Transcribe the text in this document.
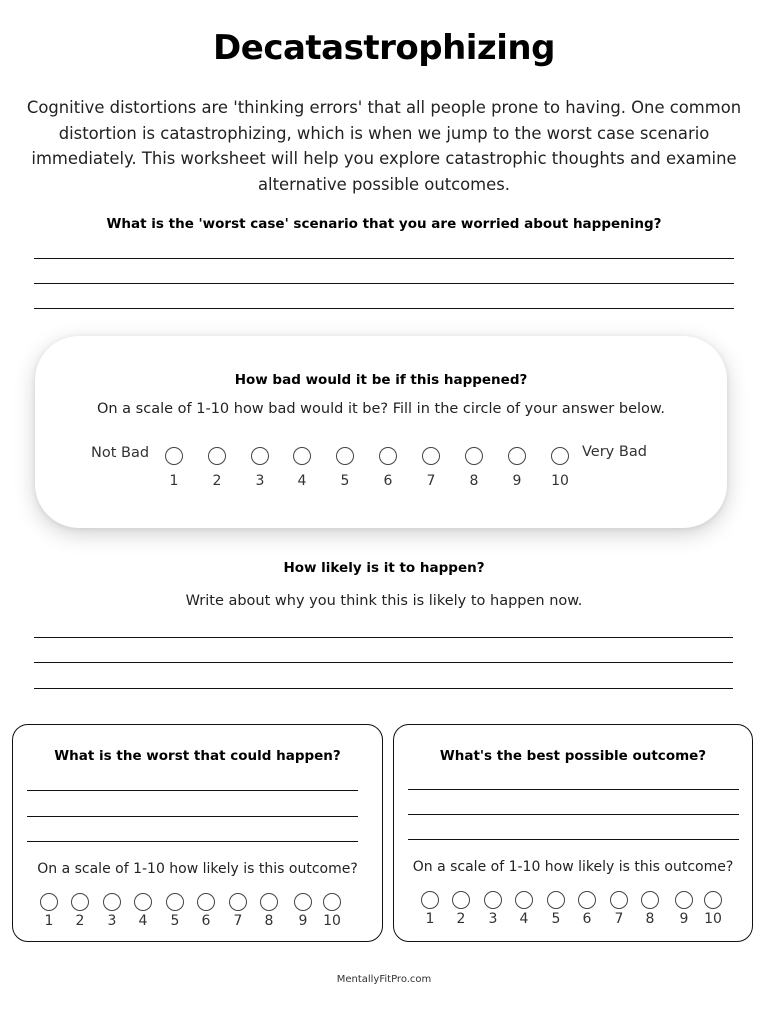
Decatastrophizing
Cognitive distortions are 'thinking errors' that all people prone to having. One common distortion is catastrophizing, which is when we jump to the worst case scenario immediately. This worksheet will help you explore catastrophic thoughts and examine alternative possible outcomes.
What is the 'worst case' scenario that you are worried about happening?
How bad would it be if this happened?
On a scale of 1-10 how bad would it be? Fill in the circle of your answer below.
Not Bad	Very Bad
1	2	3	4	5	6	7	8	9	10
How likely is it to happen?
Write about why you think this is likely to happen now.
What is the worst that could happen?
On a scale of 1-10 how likely is this outcome?
1	2	3	4	5	6	7	8	9	10
What's the best possible outcome?
On a scale of 1-10 how likely is this outcome?
1	2	3	4	5	6	7	8	9	10
MentallyFitPro.com
